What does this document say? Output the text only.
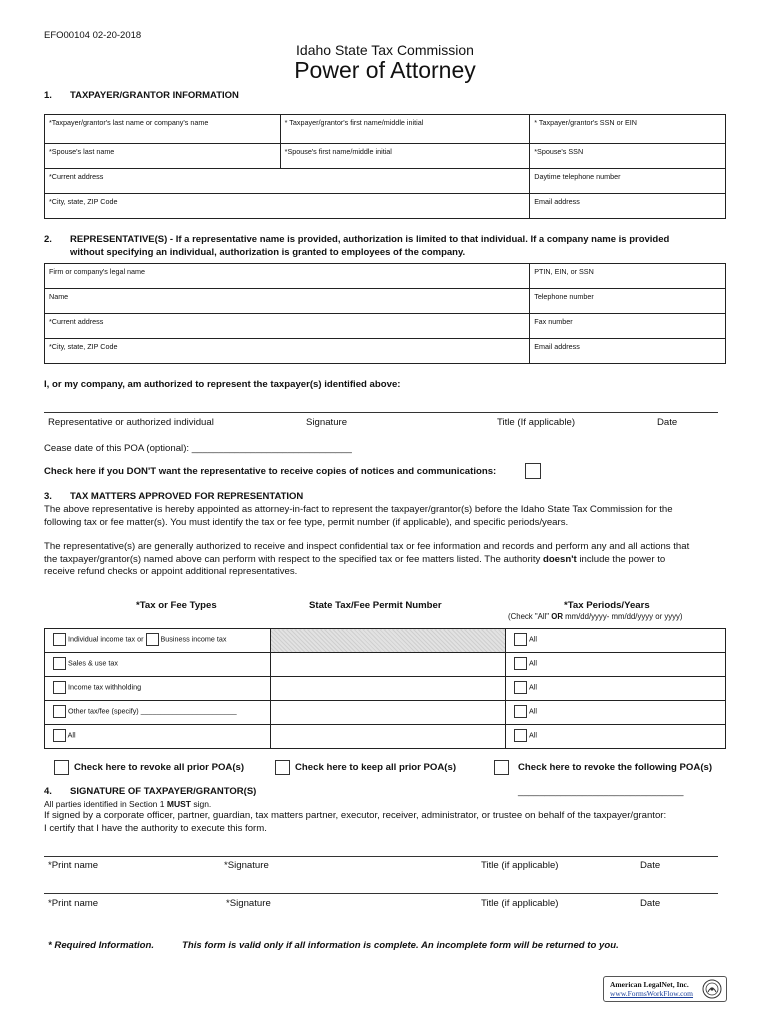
EFO00104 02-20-2018
Idaho State Tax Commission
Power of Attorney
1. TAXPAYER/GRANTOR INFORMATION
*Taxpayer/grantor's last name or company's name	* Taxpayer/grantor's first name/middle initial	* Taxpayer/grantor's SSN or EIN
*Spouse's last name	*Spouse's first name/middle initial	*Spouse's SSN
*Current address		Daytime telephone number
*City, state, ZIP Code		Email address
2. REPRESENTATIVE(S) - If a representative name is provided, authorization is limited to that individual. If a company name is provided
without specifying an individual, authorization is granted to employees of the company.
Firm or company's legal name	PTIN, EIN, or SSN
Name	Telephone number
*Current address	Fax number
*City, state, ZIP Code	Email address
I, or my company, am authorized to represent the taxpayer(s) identified above:
Representative or authorized individual	Signature	Title (If applicable)	Date
Cease date of this POA (optional): ______________________________
Check here if you DON'T want the representative to receive copies of notices and communications:
3. TAX MATTERS APPROVED FOR REPRESENTATION
The above representative is hereby appointed as attorney-in-fact to represent the taxpayer/grantor(s) before the Idaho State Tax Commission for the
following tax or fee matter(s). You must identify the tax or fee type, permit number (if applicable), and specific periods/years.
The representative(s) are generally authorized to receive and inspect confidential tax or fee information and records and perform any and all actions that
the taxpayer/grantor(s) named above can perform with respect to the specified tax or fee matters listed. The authority doesn't include the power to
receive refund checks or appoint additional representatives.
*Tax or Fee Types	State Tax/Fee Permit Number	*Tax Periods/Years
(Check "All" OR mm/dd/yyyy- mm/dd/yyyy or yyyy)
Individual income tax or Business income tax		All
Sales & use tax		All
Income tax withholding		All
Other tax/fee (specify) ________________________		All
All		All
Check here to revoke all prior POA(s)	Check here to keep all prior POA(s)	Check here to revoke the following POA(s)
_______________________________
4. SIGNATURE OF TAXPAYER/GRANTOR(S)
All parties identified in Section 1 MUST sign.
If signed by a corporate officer, partner, guardian, tax matters partner, executor, receiver, administrator, or trustee on behalf of the taxpayer/grantor:
I certify that I have the authority to execute this form.
*Print name	*Signature	Title (if applicable)	Date
*Print name	*Signature	Title (if applicable)	Date
* Required Information.	This form is valid only if all information is complete. An incomplete form will be returned to you.
American LegalNet, Inc.
www.FormsWorkFlow.com
